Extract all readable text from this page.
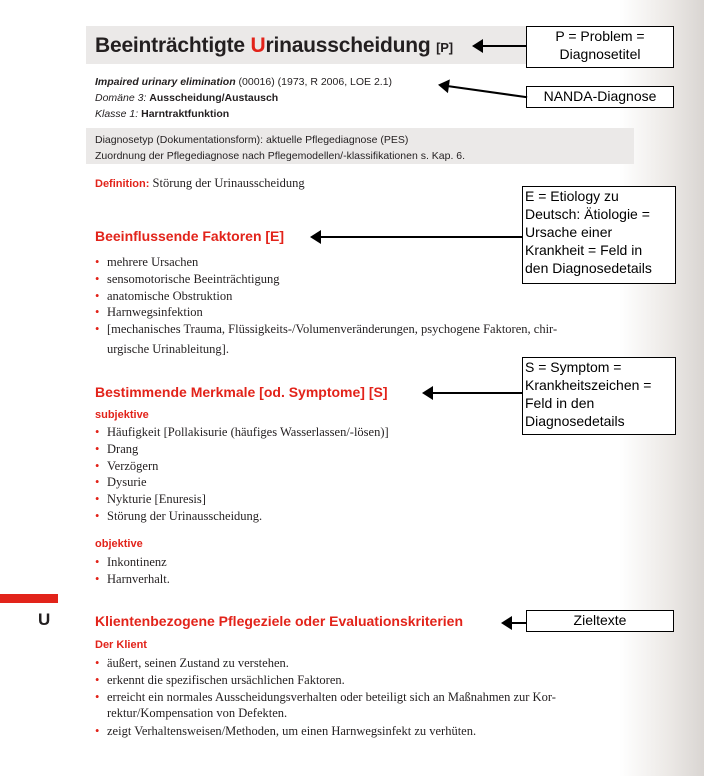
Beeinträchtigte Urinausscheidung [P]
Impaired urinary elimination (00016) (1973, R 2006, LOE 2.1)
Domäne 3: Ausscheidung/Austausch
Klasse 1: Harntraktfunktion
Diagnosetyp (Dokumentationsform): aktuelle Pflegediagnose (PES)
Zuordnung der Pflegediagnose nach Pflegemodellen/-klassifikationen s. Kap. 6.
Definition: Störung der Urinausscheidung
Beeinflussende Faktoren [E]
• mehrere Ursachen
• sensomotorische Beeinträchtigung
• anatomische Obstruktion
• Harnwegsinfektion
• [mechanisches Trauma, Flüssigkeits-/Volumenveränderungen, psychogene Faktoren, chir-
urgische Urinableitung].
Bestimmende Merkmale [od. Symptome] [S]
subjektive
• Häufigkeit [Pollakisurie (häufiges Wasserlassen/-lösen)]
• Drang
• Verzögern
• Dysurie
• Nykturie [Enuresis]
• Störung der Urinausscheidung.
objektive
• Inkontinenz
• Harnverhalt.
U	Klientenbezogene Pflegeziele oder Evaluationskriterien
Der Klient
• äußert, seinen Zustand zu verstehen.
• erkennt die spezifischen ursächlichen Faktoren.
• erreicht ein normales Ausscheidungsverhalten oder beteiligt sich an Maßnahmen zur Kor-
rektur/Kompensation von Defekten.
• zeigt Verhaltensweisen/Methoden, um einen Harnwegsinfekt zu verhüten.
P = Problem =
Diagnosetitel
NANDA-Diagnose
E = Etiology zu
Deutsch: Ätiologie =
Ursache einer
Krankheit = Feld in
den Diagnosedetails
S = Symptom =
Krankheitszeichen =
Feld in den
Diagnosedetails
Zieltexte
